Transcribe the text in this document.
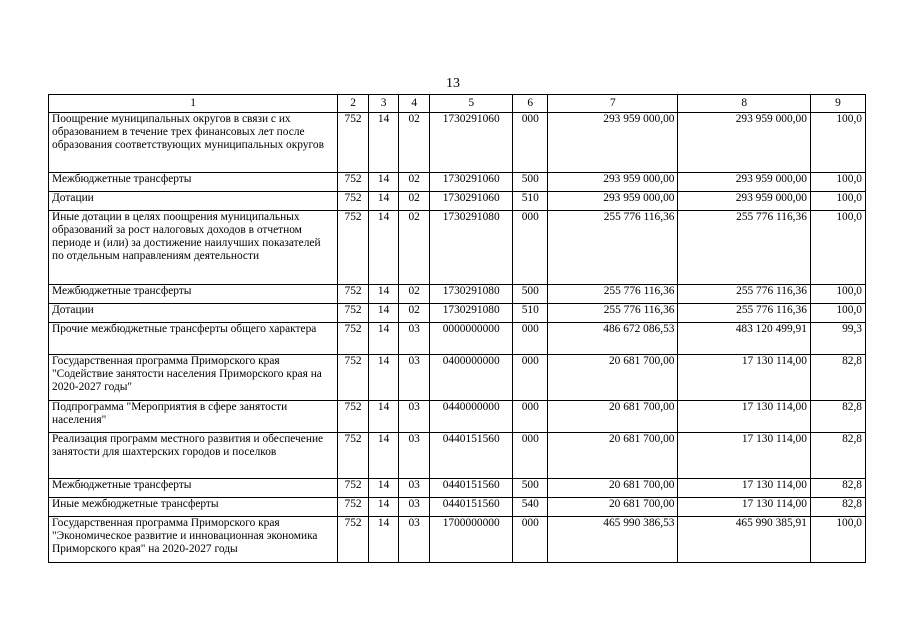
13
1	2	3	4	5	6	7	8	9
Поощрение муниципальных округов в связи с их образованием в течение трех финансовых лет после образования соответствующих муниципальных округов	752	14	02	1730291060	000	293 959 000,00	293 959 000,00	100,0
Межбюджетные трансферты	752	14	02	1730291060	500	293 959 000,00	293 959 000,00	100,0
Дотации	752	14	02	1730291060	510	293 959 000,00	293 959 000,00	100,0
Иные дотации в целях поощрения муниципальных образований за рост налоговых доходов в отчетном периоде и (или) за достижение наилучших показателей по отдельным направлениям деятельности	752	14	02	1730291080	000	255 776 116,36	255 776 116,36	100,0
Межбюджетные трансферты	752	14	02	1730291080	500	255 776 116,36	255 776 116,36	100,0
Дотации	752	14	02	1730291080	510	255 776 116,36	255 776 116,36	100,0
Прочие межбюджетные трансферты общего характера	752	14	03	0000000000	000	486 672 086,53	483 120 499,91	99,3
Государственная программа Приморского края "Содействие занятости населения Приморского края на 2020-2027 годы"	752	14	03	0400000000	000	20 681 700,00	17 130 114,00	82,8
Подпрограмма "Мероприятия в сфере занятости населения"	752	14	03	0440000000	000	20 681 700,00	17 130 114,00	82,8
Реализация программ местного развития и обеспечение занятости для шахтерских городов и поселков	752	14	03	0440151560	000	20 681 700,00	17 130 114,00	82,8
Межбюджетные трансферты	752	14	03	0440151560	500	20 681 700,00	17 130 114,00	82,8
Иные межбюджетные трансферты	752	14	03	0440151560	540	20 681 700,00	17 130 114,00	82,8
Государственная программа Приморского края "Экономическое развитие и инновационная экономика Приморского края" на 2020-2027 годы	752	14	03	1700000000	000	465 990 386,53	465 990 385,91	100,0
